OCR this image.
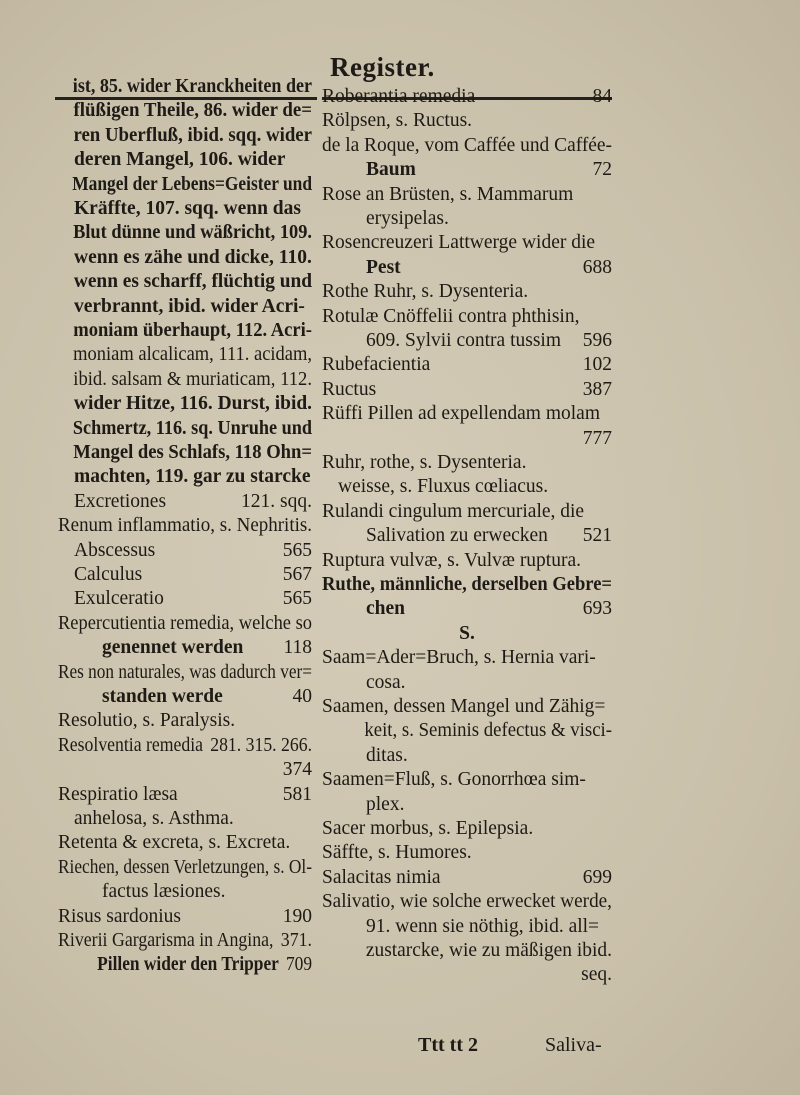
Register.
ist, 85. wider Kranckheiten der
flüßigen Theile, 86. wider de=
ren Uberfluß, ibid. sqq. wider
deren Mangel, 106. wider
Mangel der Lebens=Geister und
Kräffte, 107. sqq. wenn das
Blut dünne und wäßricht, 109.
wenn es zähe und dicke, 110.
wenn es scharff, flüchtig und
verbrannt, ibid. wider Acri-
moniam überhaupt, 112. Acri-
moniam alcalicam, 111. acidam,
ibid. salsam & muriaticam, 112.
wider Hitze, 116. Durst, ibid.
Schmertz, 116. sq. Unruhe und
Mangel des Schlafs, 118 Ohn=
machten, 119. gar zu starcke
Excretiones	121. sqq.
Renum inflammatio, s. Nephritis.
Abscessus	565
Calculus	567
Exulceratio	565
Repercutientia remedia, welche so
genennet werden 118
Res non naturales, was dadurch ver=
standen werde	40
Resolutio, s. Paralysis.
Resolventia remedia 281. 315. 266.
374
Respiratio læsa	581
anhelosa, s. Asthma.
Retenta & excreta, s. Excreta.
Riechen, dessen Verletzungen, s. Ol-
factus læsiones.
Risus sardonius	190
Riverii Gargarisma in Angina, 371.
Pillen wider den Tripper 709
Roberantia remedia	84
Rölpsen, s. Ructus.
de la Roque, vom Caffée und Caffée-
Baum	72
Rose an Brüsten, s. Mammarum
erysipelas.
Rosencreuzeri Lattwerge wider die
Pest	688
Rothe Ruhr, s. Dysenteria.
Rotulæ Cnöffelii contra phthisin,
609. Sylvii contra tussim 596
Rubefacientia	102
Ructus	387
Rüffi Pillen ad expellendam molam
777
Ruhr, rothe, s. Dysenteria.
weisse, s. Fluxus cœliacus.
Rulandi cingulum mercuriale, die
Salivation zu erwecken 521
Ruptura vulvæ, s. Vulvæ ruptura.
Ruthe, männliche, derselben Gebre=
chen	693
S.
Saam=Ader=Bruch, s. Hernia vari-
cosa.
Saamen, dessen Mangel und Zähig=
keit, s. Seminis defectus & visci-
ditas.
Saamen=Fluß, s. Gonorrhœa sim-
plex.
Sacer morbus, s. Epilepsia.
Säffte, s. Humores.
Salacitas nimia	699
Salivatio, wie solche erwecket werde,
91. wenn sie nöthig, ibid. all=
zustarcke, wie zu mäßigen ibid.
seq.
Ttt tt 2	Saliva-
